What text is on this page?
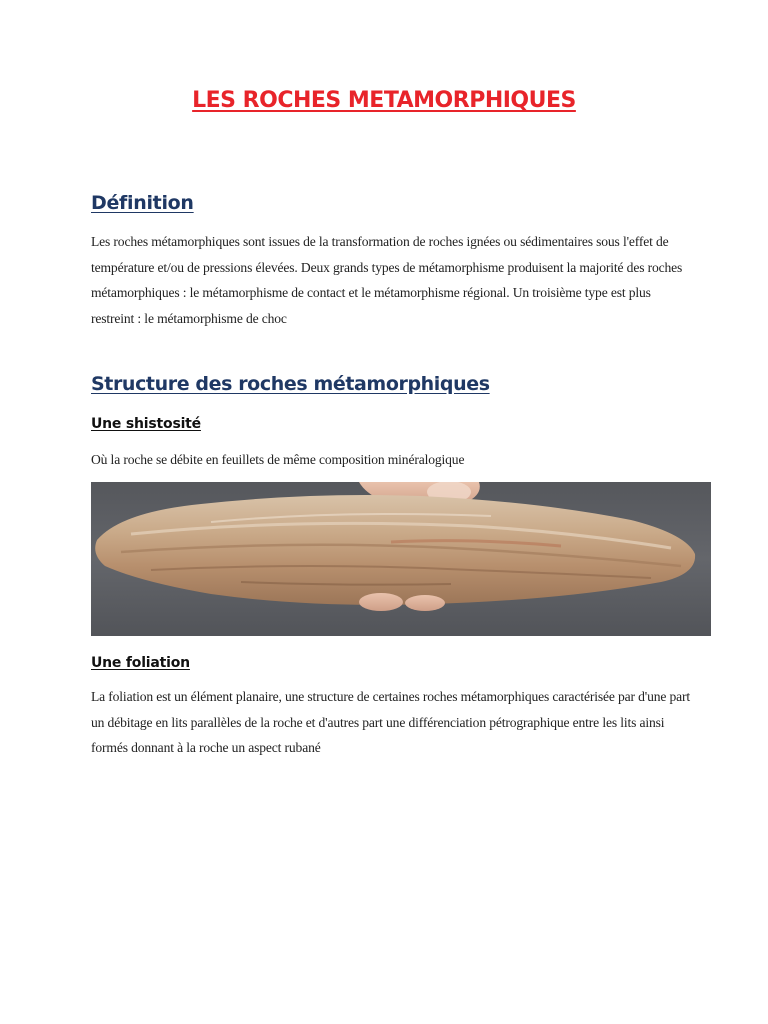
LES ROCHES METAMORPHIQUES
Définition

Les roches métamorphiques sont issues de la transformation de roches ignées ou sédimentaires sous l'effet de température et/ou de pressions élevées. Deux grands types de métamorphisme produisent la majorité des roches métamorphiques : le métamorphisme de contact et le métamorphisme régional. Un troisième type est plus restreint : le métamorphisme de choc

Structure des roches métamorphiques
Une shistosité

Où la roche se débite en feuillets de même composition minéralogique

Une foliation

La foliation est un élément planaire, une structure de certaines roches métamorphiques caractérisée par d'une part un débitage en lits parallèles de la roche et d'autres part une différenciation pétrographique entre les lits ainsi formés donnant à la roche un aspect rubané
